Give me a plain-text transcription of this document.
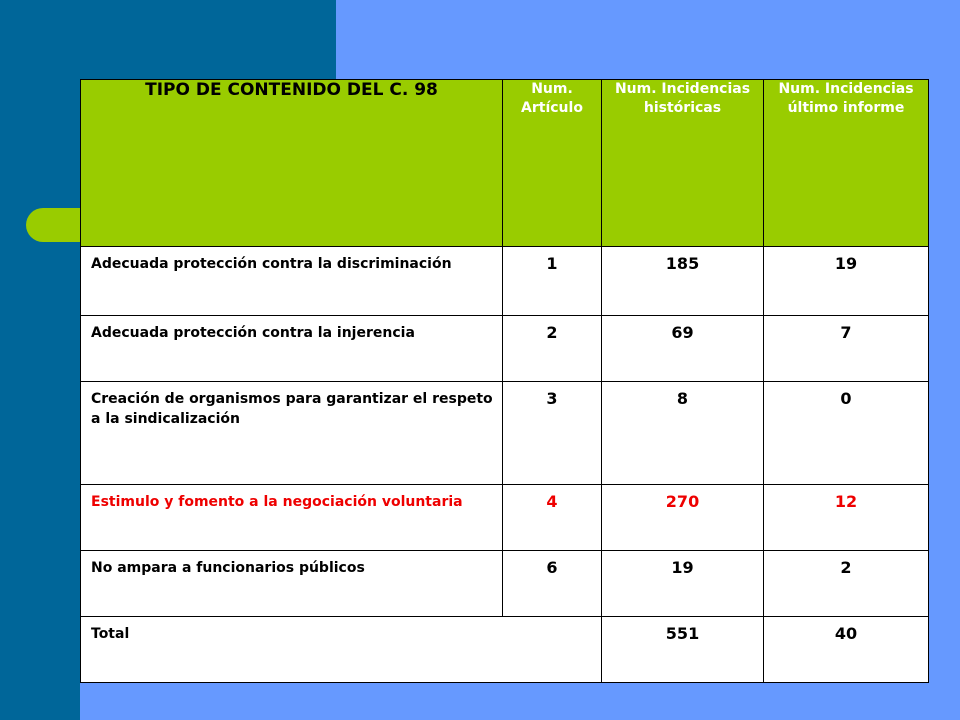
TIPO DE CONTENIDO DEL C. 98	Num. Artículo	Num. Incidencias históricas	Num. Incidencias último informe
Adecuada protección contra la discriminación	1	185	19
Adecuada protección contra la injerencia	2	69	7
Creación de organismos para garantizar el respeto a la sindicalización	3	8	0
Estimulo y fomento a la negociación voluntaria	4	270	12
No ampara a funcionarios públicos	6	19	2
Total		551	40
